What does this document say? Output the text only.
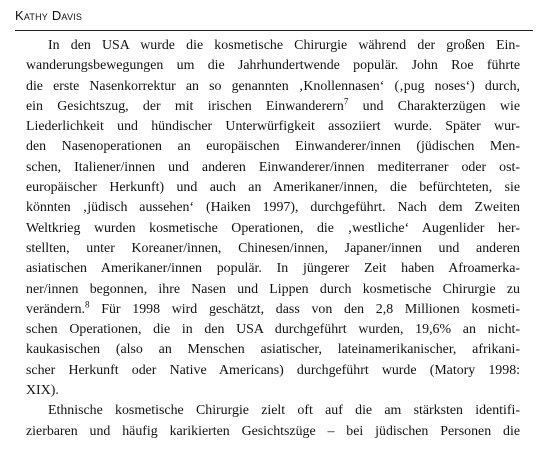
Kathy Davis
In den USA wurde die kosmetische Chirurgie während der großen Ein-
wanderungsbewegungen um die Jahrhundertwende populär. John Roe führte
die erste Nasenkorrektur an so genannten ‚Knollennasen‘ (‚pug noses‘) durch,
ein Gesichtszug, der mit irischen Einwanderern$^7$ und Charakterzügen wie
Liederlichkeit und hündischer Unterwürfigkeit assoziiert wurde. Später wur-
den Nasenoperationen an europäischen Einwanderer/innen (jüdischen Men-
schen, Italiener/innen und anderen Einwanderer/innen mediterraner oder ost-
europäischer Herkunft) und auch an Amerikaner/innen, die befürchteten, sie
könnten ‚jüdisch aussehen‘ (Haiken 1997), durchgeführt. Nach dem Zweiten
Weltkrieg wurden kosmetische Operationen, die ‚westliche‘ Augenlider her-
stellten, unter Koreaner/innen, Chinesen/innen, Japaner/innen und anderen
asiatischen Amerikaner/innen populär. In jüngerer Zeit haben Afroamerka-
ner/innen begonnen, ihre Nasen und Lippen durch kosmetische Chirurgie zu
verändern.$^8$ Für 1998 wird geschätzt, dass von den 2,8 Millionen kosmeti-
schen Operationen, die in den USA durchgeführt wurden, 19,6% an nicht-
kaukasischen (also an Menschen asiatischer, lateinamerikanischer, afrikani-
scher Herkunft oder Native Americans) durchgeführt wurde (Matory 1998:
XIX).
Ethnische kosmetische Chirurgie zielt oft auf die am stärksten identifi-
zierbaren und häufig karikierten Gesichtszüge – bei jüdischen Personen die
